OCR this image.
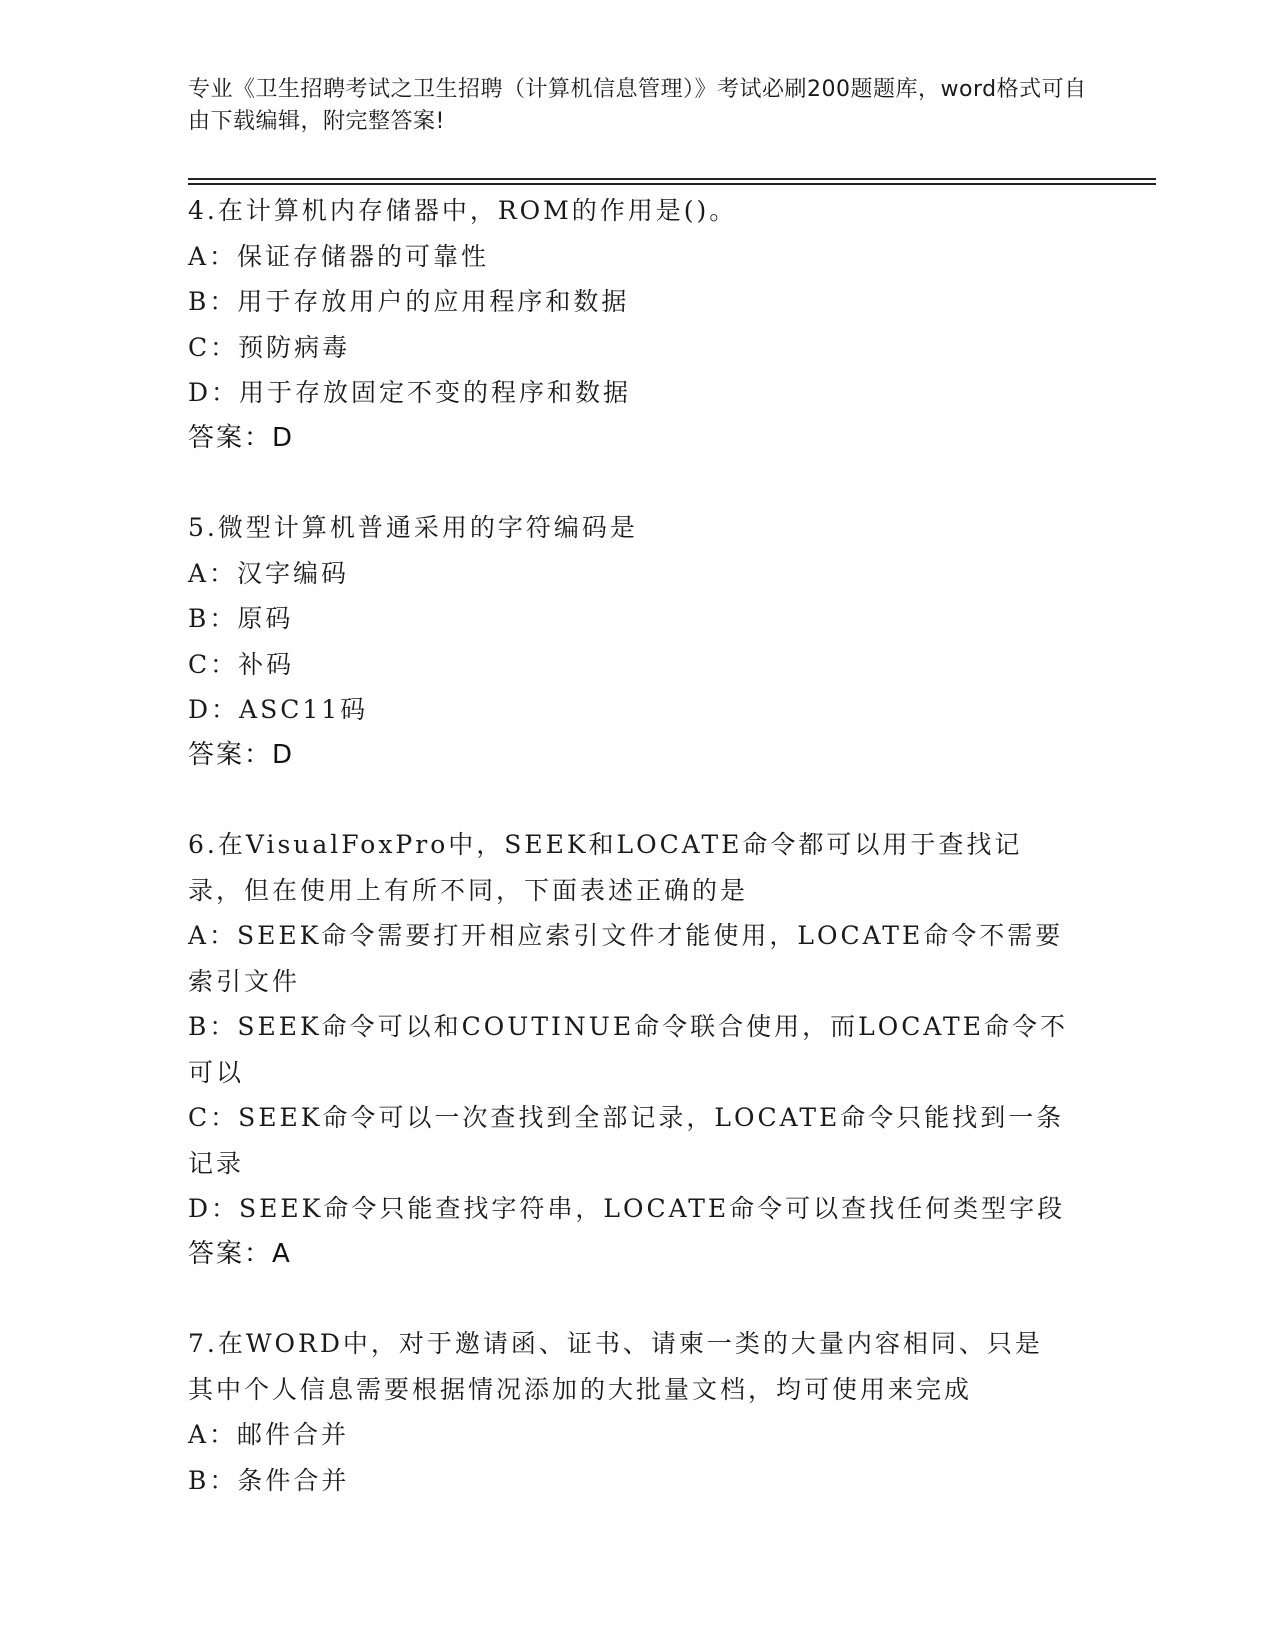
专业《卫生招聘考试之卫生招聘（计算机信息管理）》考试必刷200题题库，word格式可自由下载编辑，附完整答案!
4.在计算机内存储器中，ROM的作用是()。
A：保证存储器的可靠性
B：用于存放用户的应用程序和数据
C：预防病毒
D：用于存放固定不变的程序和数据
答案：D
5.微型计算机普通采用的字符编码是
A：汉字编码
B：原码
C：补码
D：ASC11码
答案：D
6.在VisualFoxPro中，SEEK和LOCATE命令都可以用于查找记录，但在使用上有所不同，下面表述正确的是
A：SEEK命令需要打开相应索引文件才能使用，LOCATE命令不需要索引文件
B：SEEK命令可以和COUTINUE命令联合使用，而LOCATE命令不可以
C：SEEK命令可以一次查找到全部记录，LOCATE命令只能找到一条记录
D：SEEK命令只能查找字符串，LOCATE命令可以查找任何类型字段
答案：A
7.在WORD中，对于邀请函、证书、请柬一类的大量内容相同、只是其中个人信息需要根据情况添加的大批量文档，均可使用来完成
A：邮件合并
B：条件合并
